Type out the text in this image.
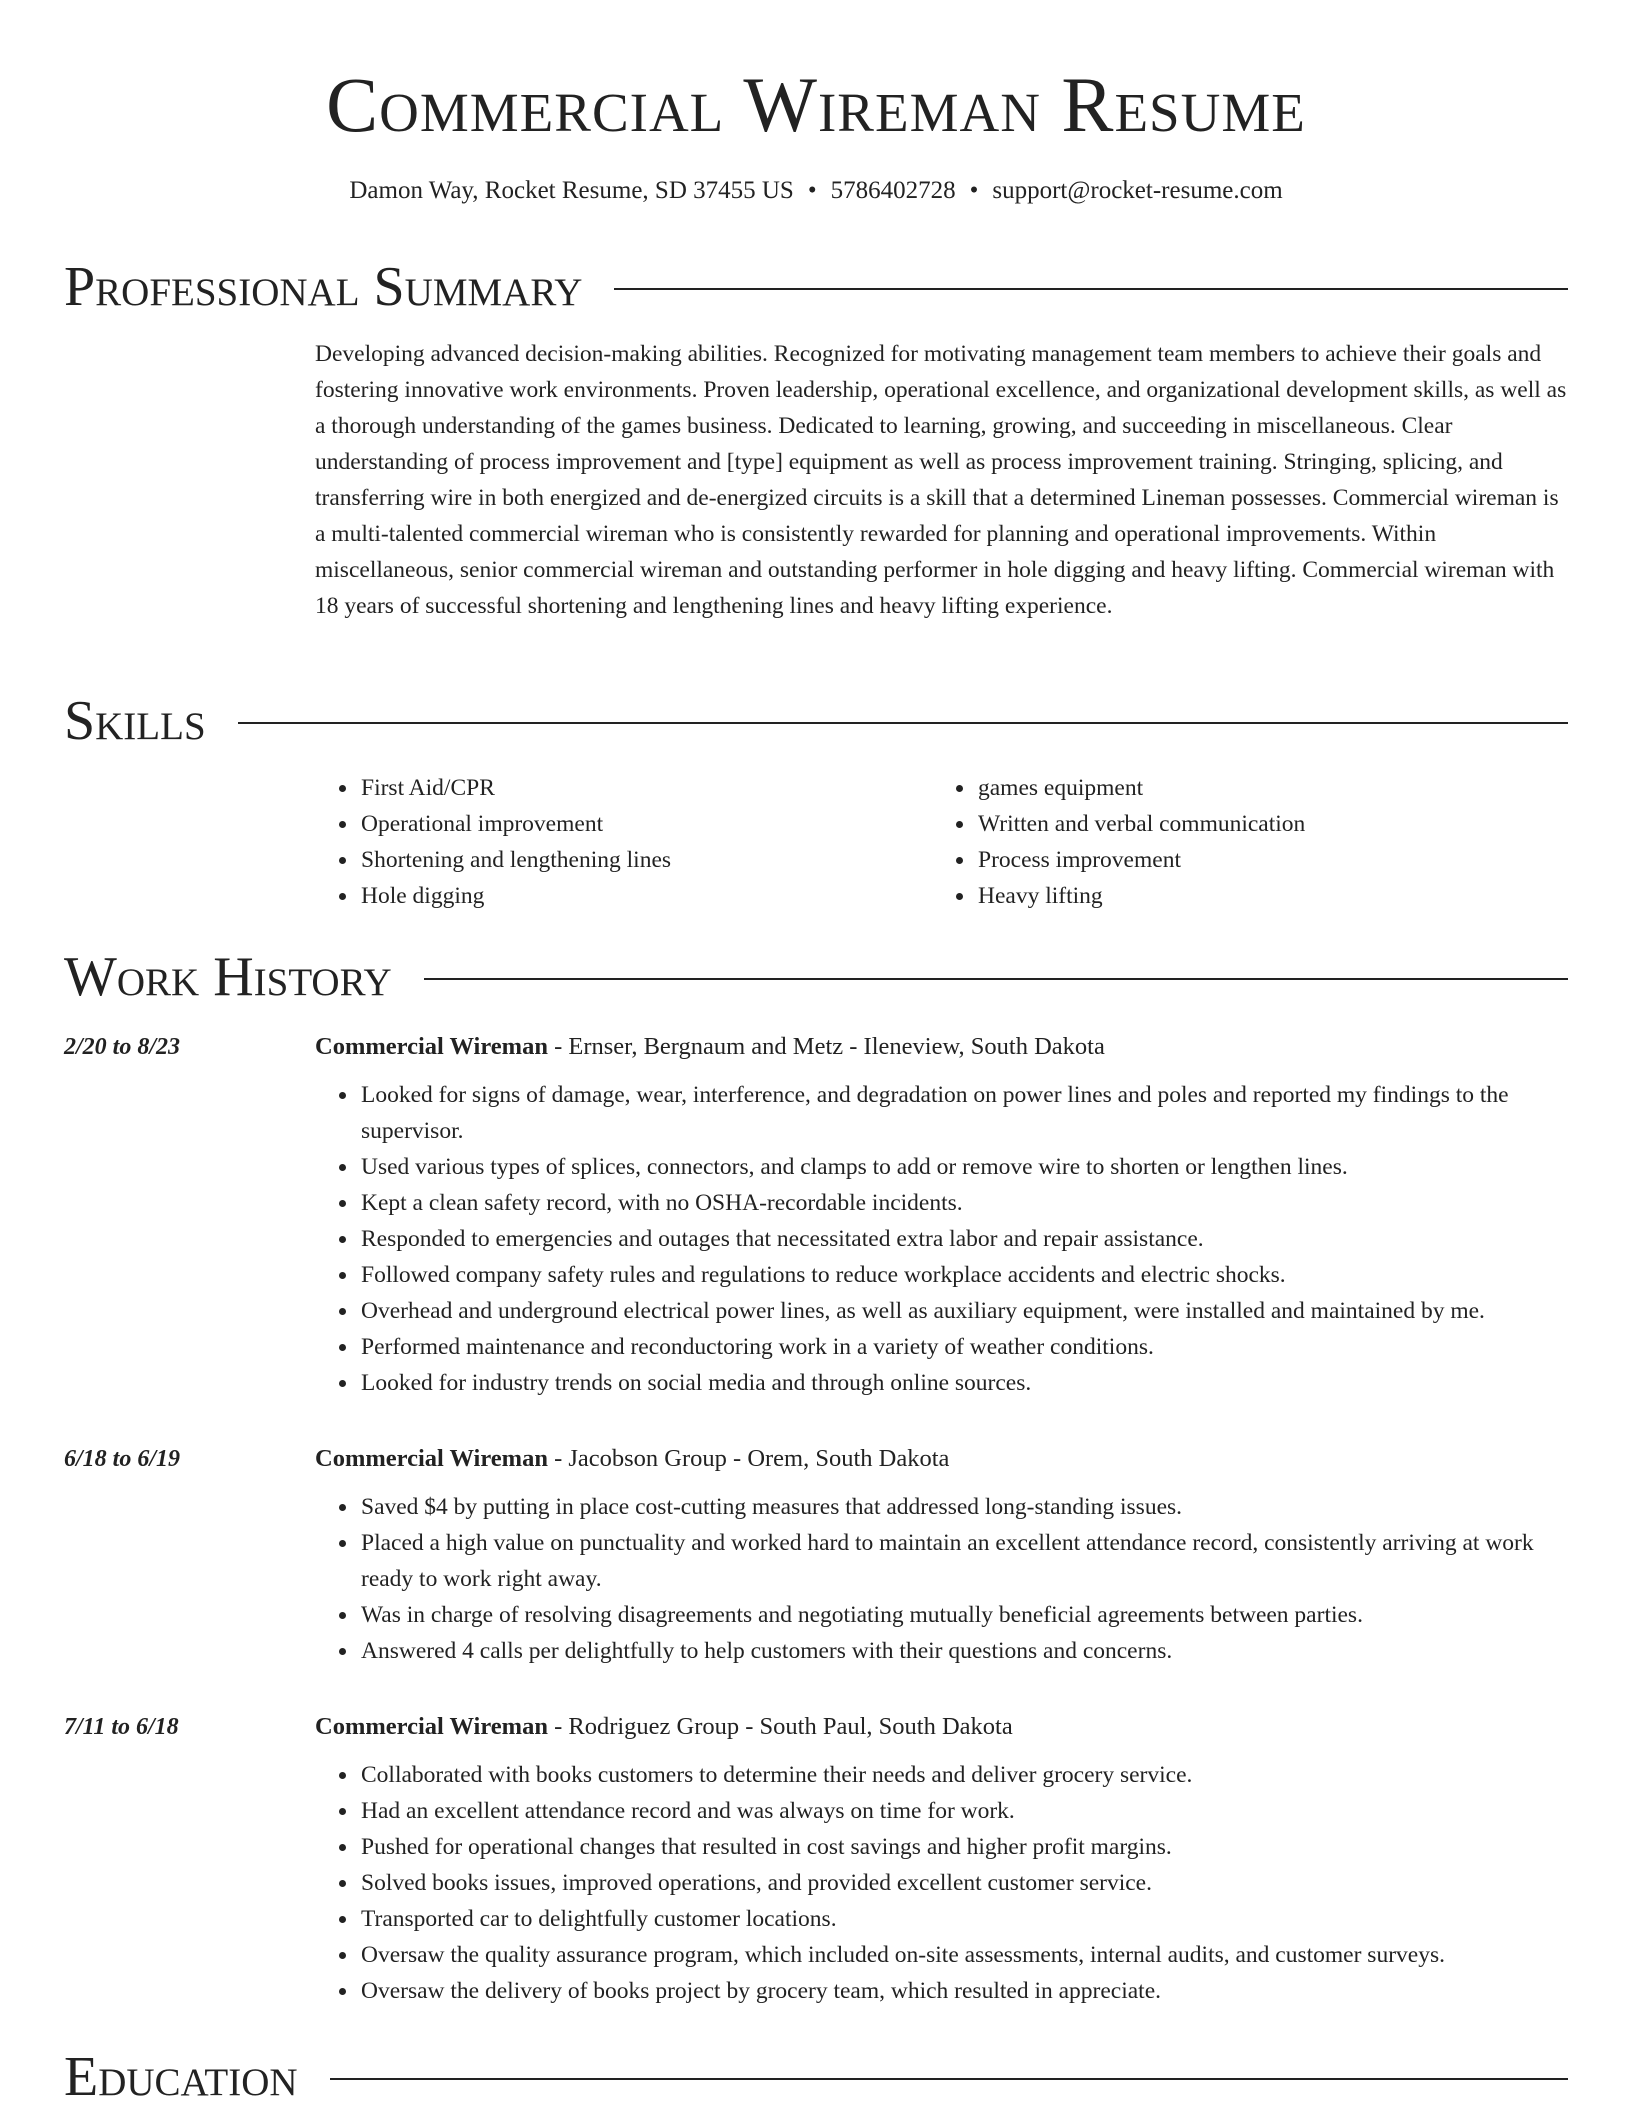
Commercial Wireman Resume
Damon Way, Rocket Resume, SD 37455 US • 5786402728 • support@rocket-resume.com
Professional Summary
Developing advanced decision-making abilities. Recognized for motivating management team members to achieve their goals and fostering innovative work environments. Proven leadership, operational excellence, and organizational development skills, as well as a thorough understanding of the games business. Dedicated to learning, growing, and succeeding in miscellaneous. Clear understanding of process improvement and [type] equipment as well as process improvement training. Stringing, splicing, and transferring wire in both energized and de-energized circuits is a skill that a determined Lineman possesses. Commercial wireman is a multi-talented commercial wireman who is consistently rewarded for planning and operational improvements. Within miscellaneous, senior commercial wireman and outstanding performer in hole digging and heavy lifting. Commercial wireman with 18 years of successful shortening and lengthening lines and heavy lifting experience.
Skills
• First Aid/CPR
• Operational improvement
• Shortening and lengthening lines
• Hole digging
• games equipment
• Written and verbal communication
• Process improvement
• Heavy lifting
Work History
2/20 to 8/23	Commercial Wireman - Ernser, Bergnaum and Metz - Ileneview, South Dakota
• Looked for signs of damage, wear, interference, and degradation on power lines and poles and reported my findings to the supervisor.
• Used various types of splices, connectors, and clamps to add or remove wire to shorten or lengthen lines.
• Kept a clean safety record, with no OSHA-recordable incidents.
• Responded to emergencies and outages that necessitated extra labor and repair assistance.
• Followed company safety rules and regulations to reduce workplace accidents and electric shocks.
• Overhead and underground electrical power lines, as well as auxiliary equipment, were installed and maintained by me.
• Performed maintenance and reconductoring work in a variety of weather conditions.
• Looked for industry trends on social media and through online sources.
6/18 to 6/19	Commercial Wireman - Jacobson Group - Orem, South Dakota
• Saved $4 by putting in place cost-cutting measures that addressed long-standing issues.
• Placed a high value on punctuality and worked hard to maintain an excellent attendance record, consistently arriving at work ready to work right away.
• Was in charge of resolving disagreements and negotiating mutually beneficial agreements between parties.
• Answered 4 calls per delightfully to help customers with their questions and concerns.
7/11 to 6/18	Commercial Wireman - Rodriguez Group - South Paul, South Dakota
• Collaborated with books customers to determine their needs and deliver grocery service.
• Had an excellent attendance record and was always on time for work.
• Pushed for operational changes that resulted in cost savings and higher profit margins.
• Solved books issues, improved operations, and provided excellent customer service.
• Transported car to delightfully customer locations.
• Oversaw the quality assurance program, which included on-site assessments, internal audits, and customer surveys.
• Oversaw the delivery of books project by grocery team, which resulted in appreciate.
Education
